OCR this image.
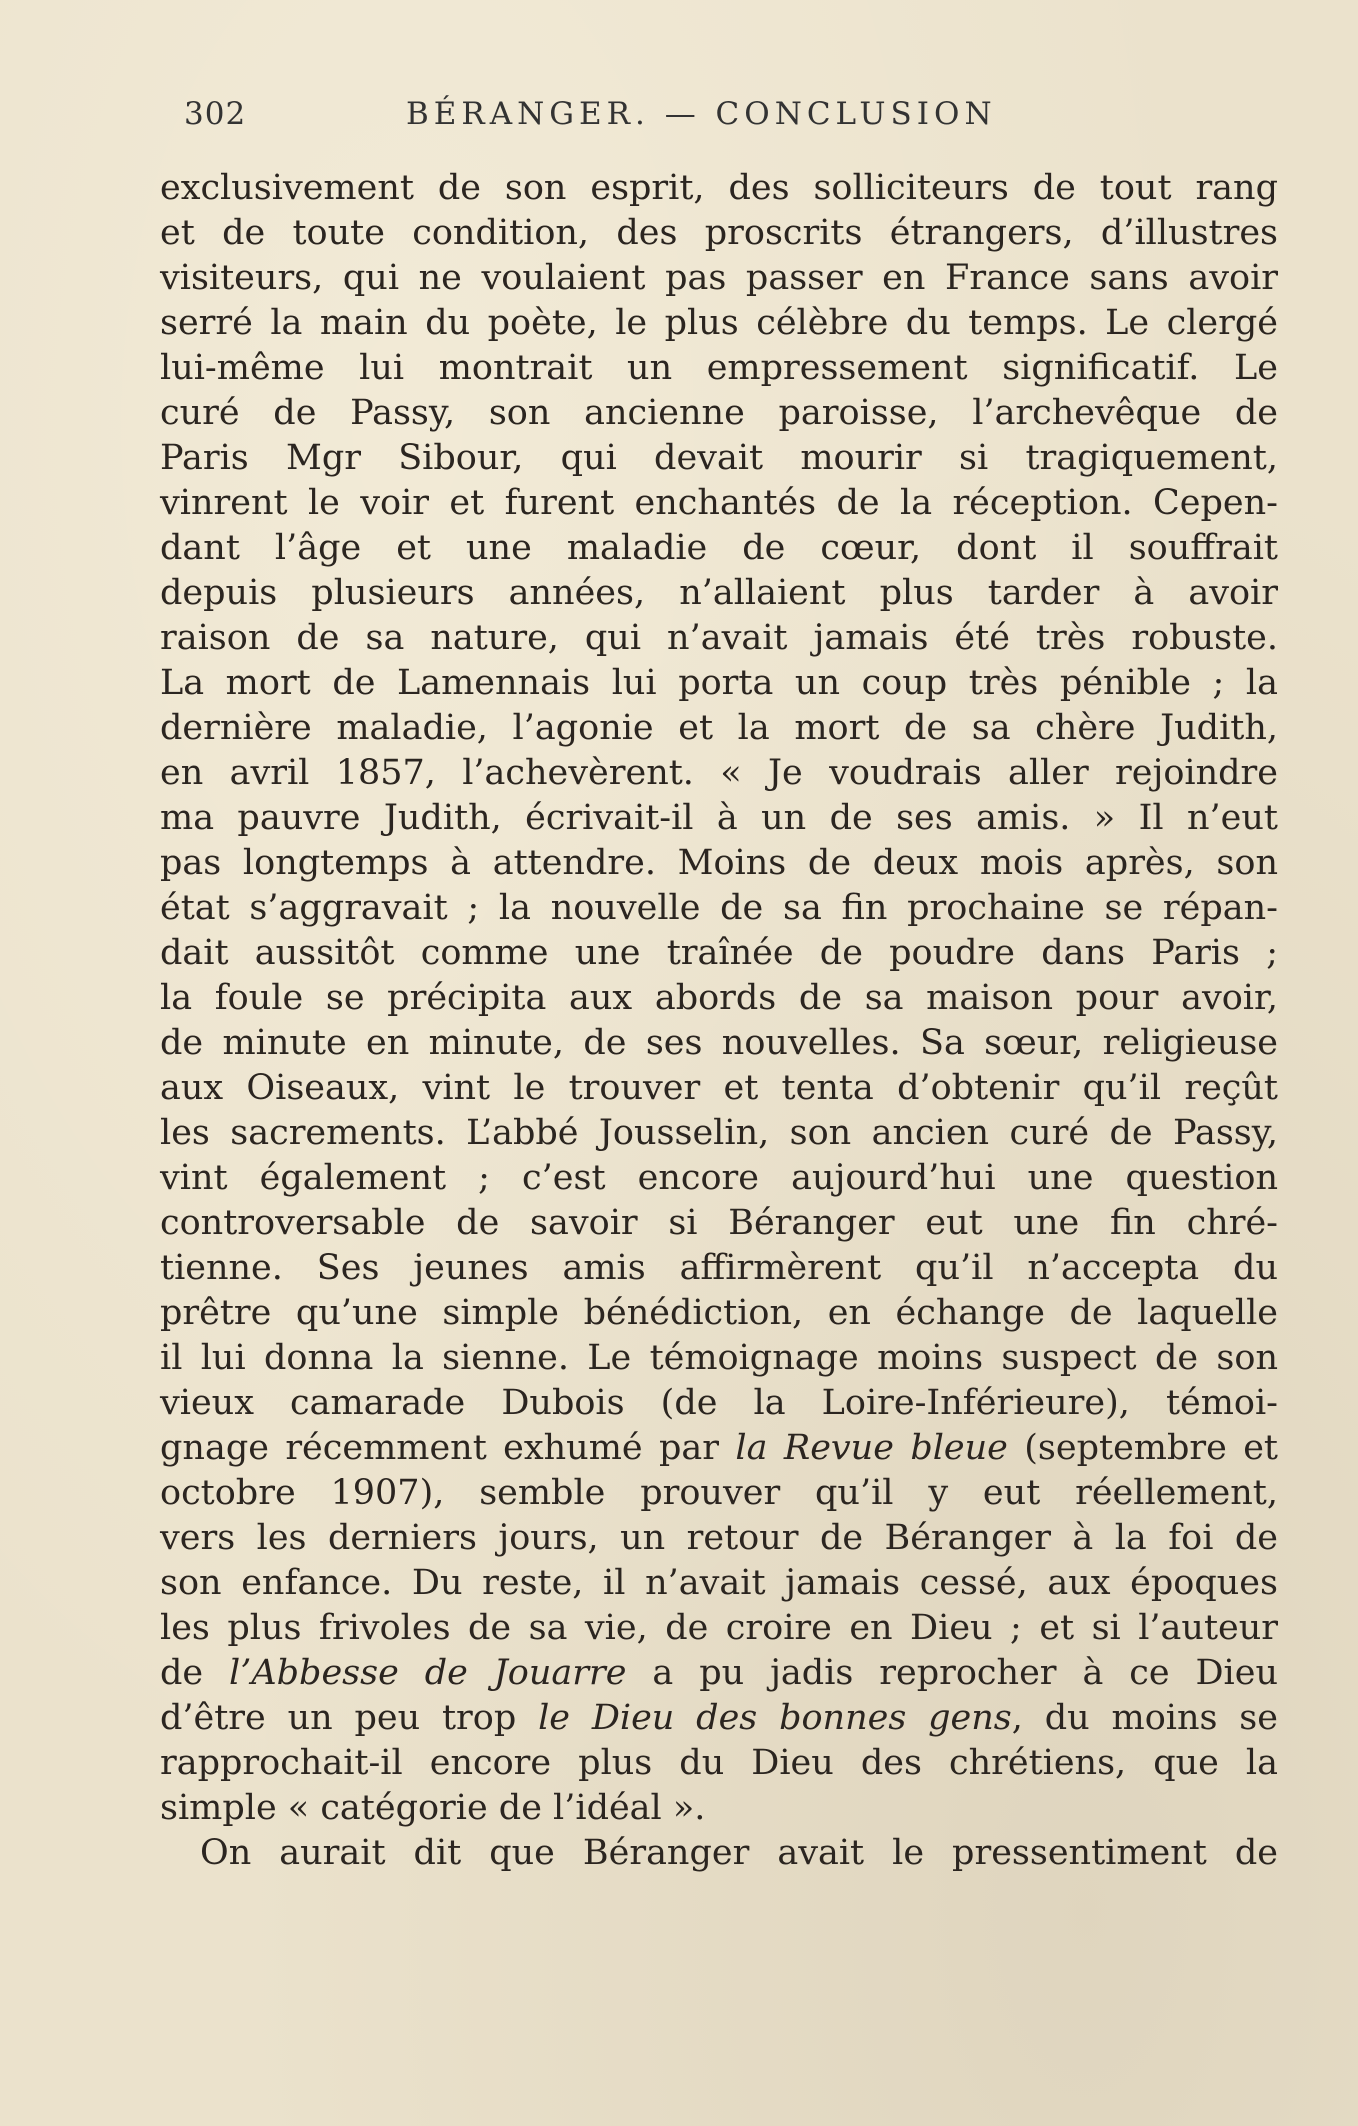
302	BÉRANGER. — CONCLUSION
exclusivement de son esprit, des solliciteurs de tout rang
et de toute condition, des proscrits étrangers, d’illustres
visiteurs, qui ne voulaient pas passer en France sans avoir
serré la main du poète, le plus célèbre du temps. Le clergé
lui-même lui montrait un empressement significatif. Le
curé de Passy, son ancienne paroisse, l’archevêque de
Paris Mgr Sibour, qui devait mourir si tragiquement,
vinrent le voir et furent enchantés de la réception. Cepen-
dant l’âge et une maladie de cœur, dont il souffrait
depuis plusieurs années, n’allaient plus tarder à avoir
raison de sa nature, qui n’avait jamais été très robuste.
La mort de Lamennais lui porta un coup très pénible ; la
dernière maladie, l’agonie et la mort de sa chère Judith,
en avril 1857, l’achevèrent. « Je voudrais aller rejoindre
ma pauvre Judith, écrivait-il à un de ses amis. » Il n’eut
pas longtemps à attendre. Moins de deux mois après, son
état s’aggravait ; la nouvelle de sa fin prochaine se répan-
dait aussitôt comme une traînée de poudre dans Paris ;
la foule se précipita aux abords de sa maison pour avoir,
de minute en minute, de ses nouvelles. Sa sœur, religieuse
aux Oiseaux, vint le trouver et tenta d’obtenir qu’il reçût
les sacrements. L’abbé Jousselin, son ancien curé de Passy,
vint également ; c’est encore aujourd’hui une question
controversable de savoir si Béranger eut une fin chré-
tienne. Ses jeunes amis affirmèrent qu’il n’accepta du
prêtre qu’une simple bénédiction, en échange de laquelle
il lui donna la sienne. Le témoignage moins suspect de son
vieux camarade Dubois (de la Loire-Inférieure), témoi-
gnage récemment exhumé par la Revue bleue (septembre et
octobre 1907), semble prouver qu’il y eut réellement,
vers les derniers jours, un retour de Béranger à la foi de
son enfance. Du reste, il n’avait jamais cessé, aux époques
les plus frivoles de sa vie, de croire en Dieu ; et si l’auteur
de l’Abbesse de Jouarre a pu jadis reprocher à ce Dieu
d’être un peu trop le Dieu des bonnes gens, du moins se
rapprochait-il encore plus du Dieu des chrétiens, que la
simple « catégorie de l’idéal ».
On aurait dit que Béranger avait le pressentiment de
